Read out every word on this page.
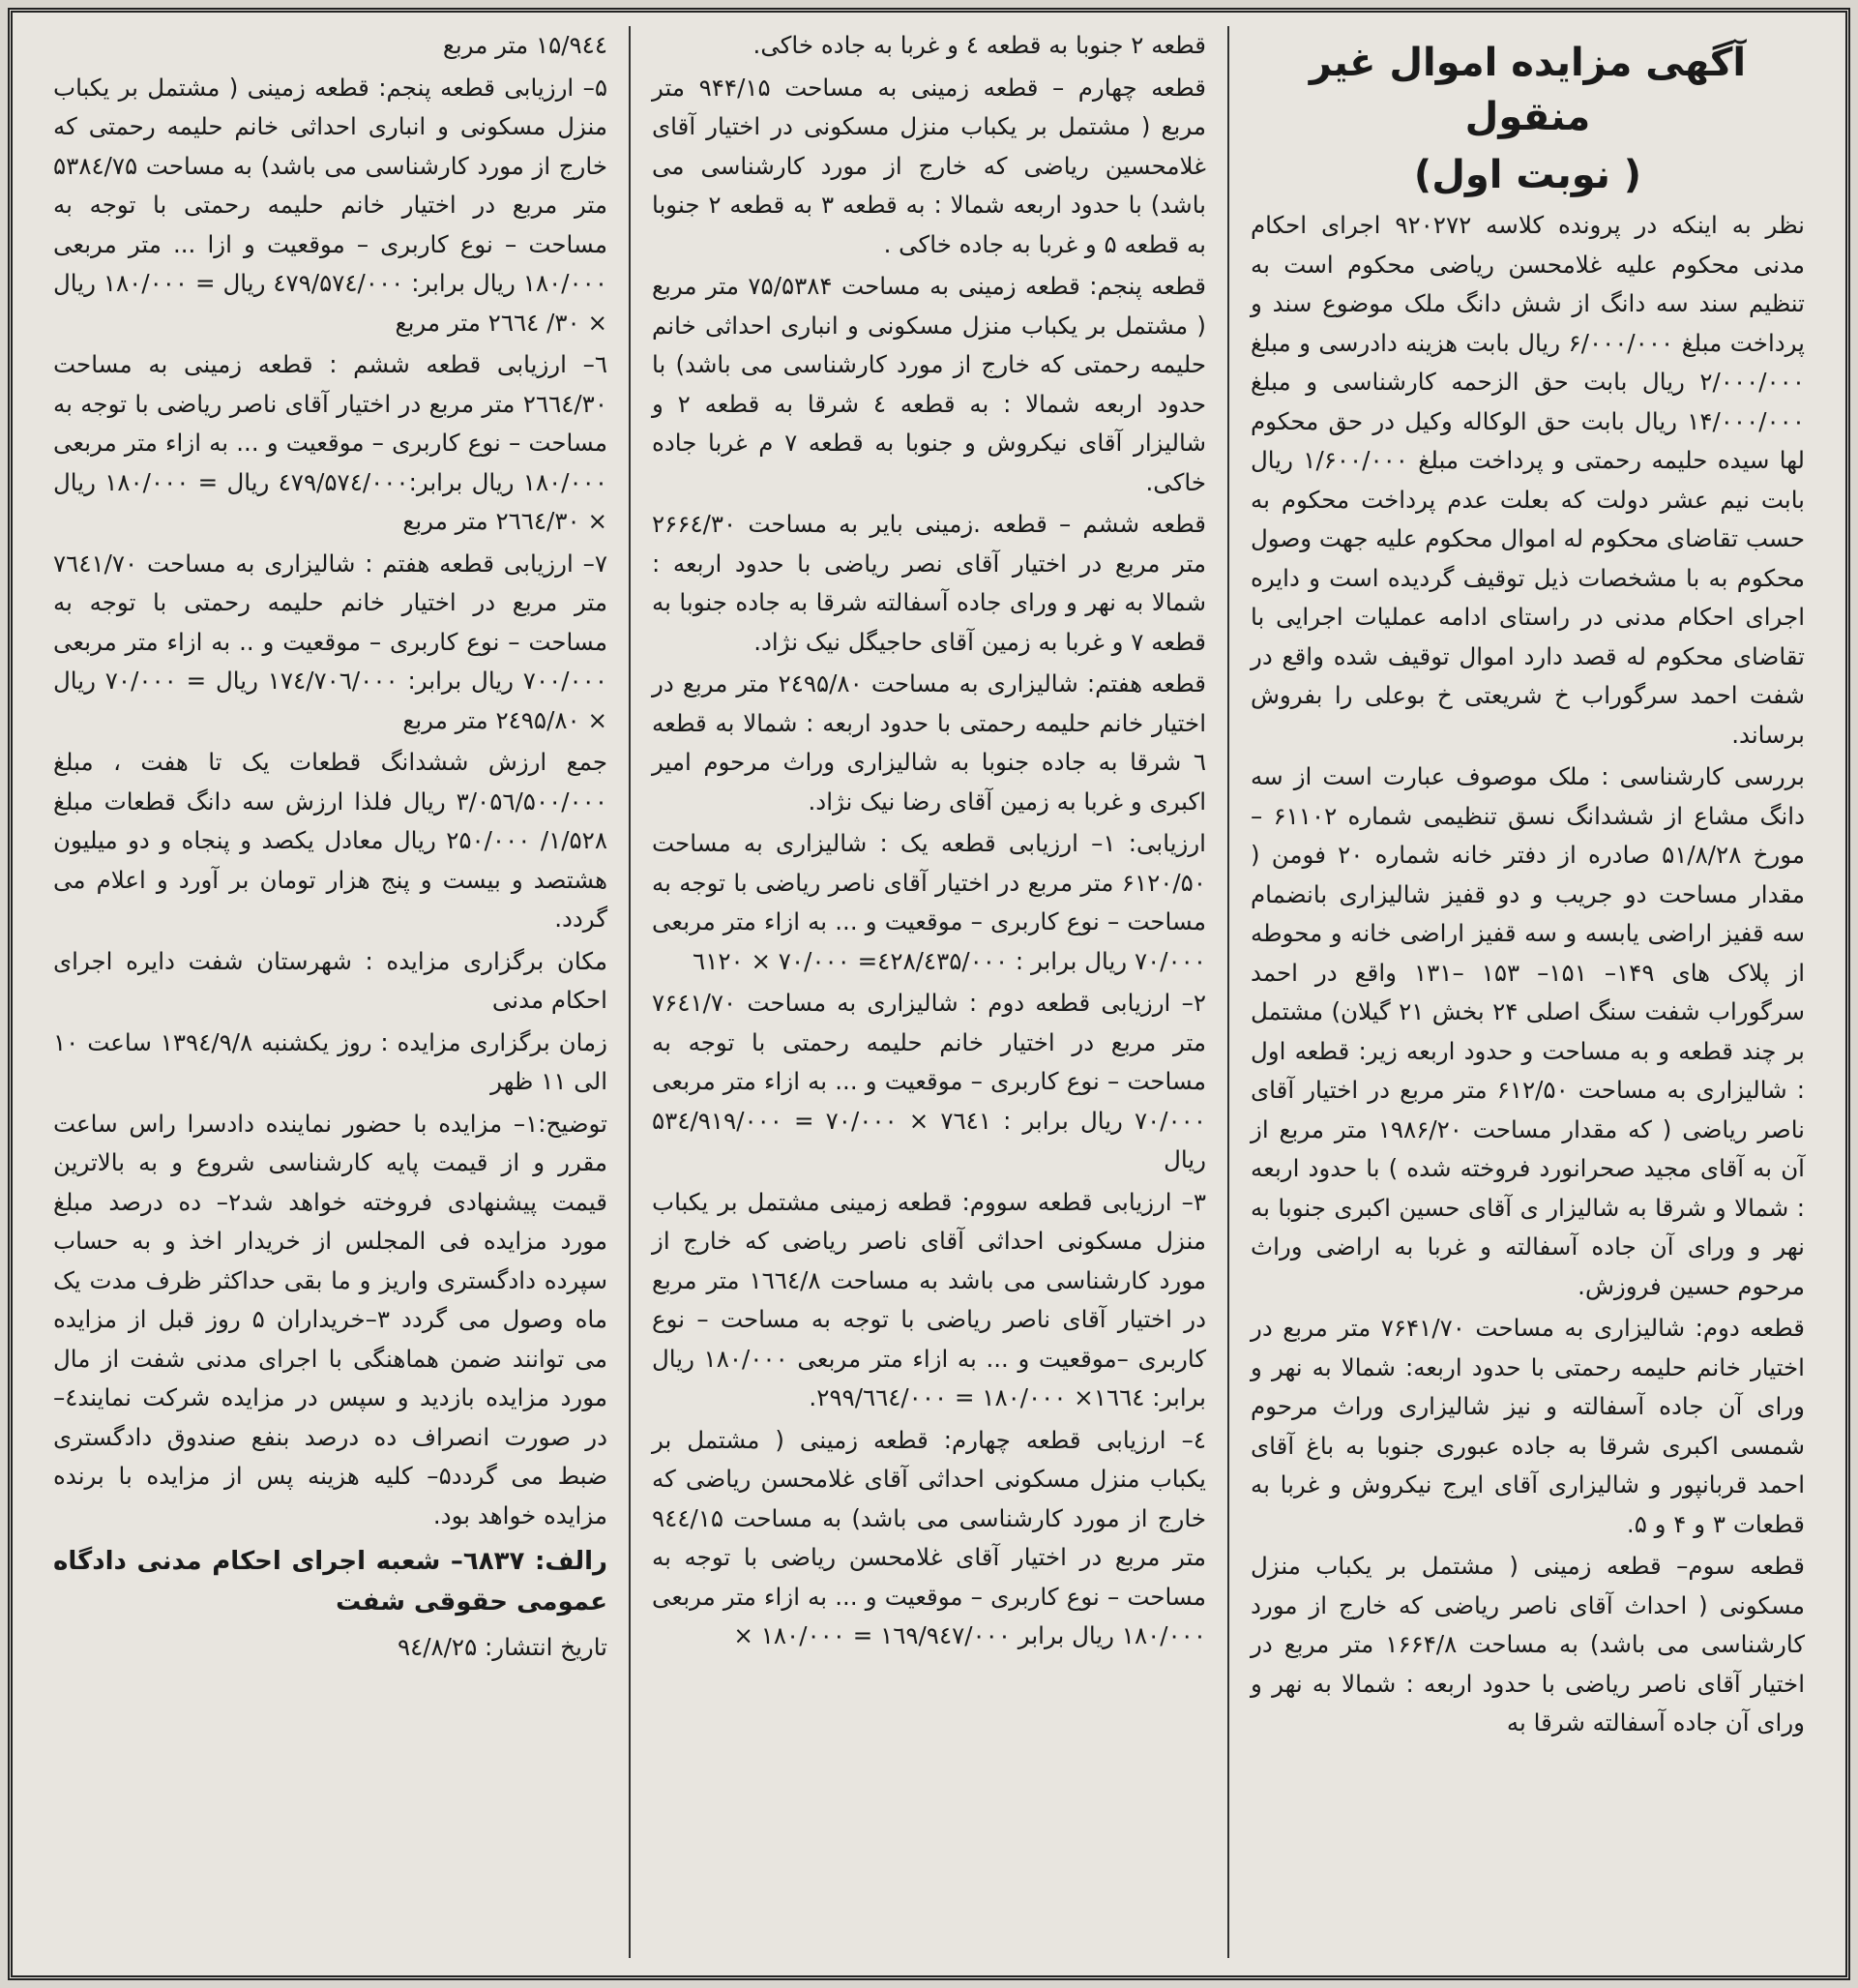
آگهی مزایده اموال غیر منقول
( نوبت اول)

نظر به اینکه در پرونده کلاسه ۹۲۰۲۷۲ اجرای احکام مدنی محکوم علیه غلامحسن ریاضی محکوم است به تنظیم سند سه دانگ از شش دانگ ملک موضوع سند و پرداخت مبلغ ۶/۰۰۰/۰۰۰ ریال بابت هزینه دادرسی و مبلغ ۲/۰۰۰/۰۰۰ ریال بابت حق الزحمه کارشناسی و مبلغ ۱۴/۰۰۰/۰۰۰ ریال بابت حق الوکاله وکیل در حق محکوم لها سیده حلیمه رحمتی و پرداخت مبلغ ۱/۶۰۰/۰۰۰ ریال بابت نیم عشر دولت که بعلت عدم پرداخت محکوم به حسب تقاضای محکوم له اموال محکوم علیه جهت وصول محکوم به با مشخصات ذیل توقیف گردیده است و دایره اجرای احکام مدنی در راستای ادامه عملیات اجرایی با تقاضای محکوم له قصد دارد اموال توقیف شده واقع در شفت احمد سرگوراب خ شریعتی خ بوعلی را بفروش برساند.

بررسی کارشناسی : ملک موصوف عبارت است از سه دانگ مشاع از ششدانگ نسق تنظیمی شماره ۶۱۱۰۲ – مورخ ۵۱/۸/۲۸ صادره از دفتر خانه شماره ۲۰ فومن ( مقدار مساحت دو جریب و دو قفیز شالیزاری بانضمام سه قفیز اراضی یابسه و سه قفیز اراضی خانه و محوطه از پلاک های ۱۴۹– ۱۵۱– ۱۵۳ –۱۳۱ واقع در احمد سرگوراب شفت سنگ اصلی ۲۴ بخش ۲۱ گیلان) مشتمل بر چند قطعه و به مساحت و حدود اربعه زیر: قطعه اول : شالیزاری به مساحت ۶۱۲/۵۰ متر مربع در اختیار آقای ناصر ریاضی ( که مقدار مساحت ۱۹۸۶/۲۰ متر مربع از آن به آقای مجید صحرانورد فروخته شده ) با حدود اربعه : شمالا و شرقا به شالیزار ی آقای حسین اکبری جنوبا به نهر و ورای آن جاده آسفالته و غربا به اراضی وراث مرحوم حسین فروزش.

قطعه دوم: شالیزاری به مساحت ۷۶۴۱/۷۰ متر مربع در اختیار خانم حلیمه رحمتی با حدود اربعه: شمالا به نهر و ورای آن جاده آسفالته و نیز شالیزاری وراث مرحوم شمسی اکبری شرقا به جاده عبوری جنوبا به باغ آقای احمد قربانپور و شالیزاری آقای ایرج نیکروش و غربا به قطعات ۳ و ۴ و ۵.

قطعه سوم– قطعه زمینی ( مشتمل بر یکباب منزل مسکونی ( احداث آقای ناصر ریاضی که خارج از مورد کارشناسی می باشد) به مساحت ۱۶۶۴/۸ متر مربع در اختیار آقای ناصر ریاضی با حدود اربعه : شمالا به نهر و ورای آن جاده آسفالته شرقا به

قطعه ۲ جنوبا به قطعه ٤ و غربا به جاده خاکی.

قطعه چهارم – قطعه زمینی به مساحت ۹۴۴/۱۵ متر مربع ( مشتمل بر یکباب منزل مسکونی در اختیار آقای غلامحسین ریاضی که خارج از مورد کارشناسی می باشد) با حدود اربعه شمالا : به قطعه ۳ به قطعه ۲ جنوبا به قطعه ۵ و غربا به جاده خاکی .

قطعه پنجم: قطعه زمینی به مساحت ۷۵/۵۳۸۴ متر مربع ( مشتمل بر یکباب منزل مسکونی و انباری احداثی خانم حلیمه رحمتی که خارج از مورد کارشناسی می باشد) با حدود اربعه شمالا : به قطعه ٤ شرقا به قطعه ۲ و شالیزار آقای نیکروش و جنوبا به قطعه ۷ م غربا جاده خاکی.

قطعه ششم – قطعه .زمینی بایر به مساحت ۲۶۶٤/۳۰ متر مربع در اختیار آقای نصر ریاضی با حدود اربعه : شمالا به نهر و ورای جاده آسفالته شرقا به جاده جنوبا به قطعه ۷ و غربا به زمین آقای حاجیگل نیک نژاد.

قطعه هفتم: شالیزاری به مساحت ۲٤۹۵/۸۰ متر مربع در اختیار خانم حلیمه رحمتی با حدود اربعه : شمالا به قطعه ٦ شرقا به جاده جنوبا به شالیزاری وراث مرحوم امیر اکبری و غربا به زمین آقای رضا نیک نژاد.

ارزیابی: ۱– ارزیابی قطعه یک : شالیزاری به مساحت ۶۱۲۰/۵۰ متر مربع در اختیار آقای ناصر ریاضی با توجه به مساحت – نوع کاربری – موقعیت و ... به ازاء متر مربعی ۷۰/۰۰۰ ریال برابر : ٤۲۸/٤۳۵/۰۰۰= ۷۰/۰۰۰ × ٦۱۲۰

۲– ارزیابی قطعه دوم : شالیزاری به مساحت ۷۶٤۱/۷۰ متر مربع در اختیار خانم حلیمه رحمتی با توجه به مساحت – نوع کاربری – موقعیت و ... به ازاء متر مربعی ۷۰/۰۰۰ ریال برابر : ۷٦٤۱ × ۷۰/۰۰۰ = ۵۳٤/۹۱۹/۰۰۰ ریال

۳– ارزیابی قطعه سووم: قطعه زمینی مشتمل بر یکباب منزل مسکونی احداثی آقای ناصر ریاضی که خارج از مورد کارشناسی می باشد به مساحت ۱٦٦٤/۸ متر مربع در اختیار آقای ناصر ریاضی با توجه به مساحت – نوع کاربری –موقعیت و ... به ازاء متر مربعی ۱۸۰/۰۰۰ ریال برابر: ۱٦٦٤× ۱۸۰/۰۰۰ = ۲۹۹/٦٦٤/۰۰۰.

٤– ارزیابی قطعه چهارم: قطعه زمینی ( مشتمل بر یکباب منزل مسکونی احداثی آقای غلامحسن ریاضی که خارج از مورد کارشناسی می باشد) به مساحت ۹٤٤/۱۵ متر مربع در اختیار آقای غلامحسن ریاضی با توجه به مساحت – نوع کاربری – موقعیت و ... به ازاء متر مربعی ۱۸۰/۰۰۰ ریال برابر ۱٦۹/۹٤۷/۰۰۰ = ۱۸۰/۰۰۰ ×

۱۵/۹٤٤ متر مربع

۵– ارزیابی قطعه پنجم: قطعه زمینی ( مشتمل بر یکباب منزل مسکونی و انباری احداثی خانم حلیمه رحمتی که خارج از مورد کارشناسی می باشد) به مساحت ۵۳۸٤/۷۵ متر مربع در اختیار خانم حلیمه رحمتی با توجه به مساحت – نوع کاربری – موقعیت و ازا ... متر مربعی ۱۸۰/۰۰۰ ریال برابر: ٤۷۹/۵۷٤/۰۰۰ ریال = ۱۸۰/۰۰۰ ریال × ۳۰/ ۲٦٦٤ متر مربع

٦– ارزیابی قطعه ششم : قطعه زمینی به مساحت ۲٦٦٤/۳۰ متر مربع در اختیار آقای ناصر ریاضی با توجه به مساحت – نوع کاربری – موقعیت و ... به ازاء متر مربعی ۱۸۰/۰۰۰ ریال برابر:٤۷۹/۵۷٤/۰۰۰ ریال = ۱۸۰/۰۰۰ ریال × ۲٦٦٤/۳۰ متر مربع

۷– ارزیابی قطعه هفتم : شالیزاری به مساحت ۷٦٤۱/۷۰ متر مربع در اختیار خانم حلیمه رحمتی با توجه به مساحت – نوع کاربری – موقعیت و .. به ازاء متر مربعی ۷۰۰/۰۰۰ ریال برابر: ۱۷٤/۷۰٦/۰۰۰ ریال = ۷۰/۰۰۰ ریال × ۲٤۹۵/۸۰ متر مربع

جمع ارزش ششدانگ قطعات یک تا هفت ، مبلغ ۳/۰۵٦/۵۰۰/۰۰۰ ریال فلذا ارزش سه دانگ قطعات مبلغ ۱/۵۲۸/ ۲۵۰/۰۰۰ ریال معادل یکصد و پنجاه و دو میلیون هشتصد و بیست و پنج هزار تومان بر آورد و اعلام می گردد.

مکان برگزاری مزایده : شهرستان شفت دایره اجرای احکام مدنی

زمان برگزاری مزایده : روز یکشنبه ۱۳۹٤/۹/۸ ساعت ۱۰ الی ۱۱ ظهر

توضیح:۱– مزایده با حضور نماینده دادسرا راس ساعت مقرر و از قیمت پایه کارشناسی شروع و به بالاترین قیمت پیشنهادی فروخته خواهد شد۲– ده درصد مبلغ مورد مزایده فی المجلس از خریدار اخذ و به حساب سپرده دادگستری واریز و ما بقی حداکثر ظرف مدت یک ماه وصول می گردد ۳–خریداران ۵ روز قبل از مزایده می توانند ضمن هماهنگی با اجرای مدنی شفت از مال مورد مزایده بازدید و سپس در مزایده شرکت نمایند٤– در صورت انصراف ده درصد بنفع صندوق دادگستری ضبط می گردد۵– کلیه هزینه پس از مزایده با برنده مزایده خواهد بود.

رالف: ٦۸۳۷– شعبه اجرای احکام مدنی دادگاه عمومی حقوقی شفت
تاریخ انتشار: ۹٤/۸/۲۵
